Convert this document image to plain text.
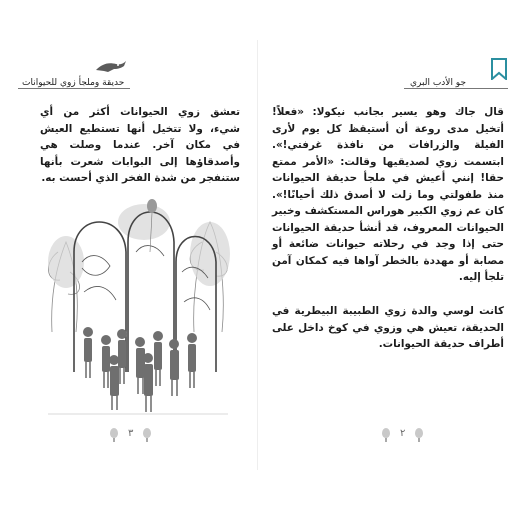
حديقة وملجأ زوي للحيوانات	جو الأدب البري
تعشق زوي الحيوانات أكثر من أي شيء، ولا تتخيل أنها تستطيع العيش في مكان آخر. عندما وصلت هي وأصدقاؤها إلى البوابات شعرت بأنها ستنفجر من شدة الفخر الذي أحست به.
٣
قال جاك وهو يسير بجانب نيكولا: «فعلاً! أتخيل مدى روعة أن أستيقظ كل يوم لأرى الفيلة والزرافات من نافذة غرفتي!». ابتسمت زوي لصديقيها وقالت: «الأمر ممتع حقا! إنني أعيش في ملجأ حديقة الحيوانات منذ طفولتي وما زلت لا أصدق ذلك أحيانًا!». كان عم زوي الكبير هوراس المستكشف وخبير الحيوانات المعروف، قد أنشأ حديقة الحيوانات حتى إذا وجد في رحلاته حيوانات ضائعة أو مصابة أو مهددة بالخطر آواها فيه كمكان آمن تلجأ إليه.
كانت لوسي والدة زوي الطبيبة البيطرية في الحديقة، تعيش هي وزوي في كوخ داخل على أطراف حديقة الحيوانات.
٢
